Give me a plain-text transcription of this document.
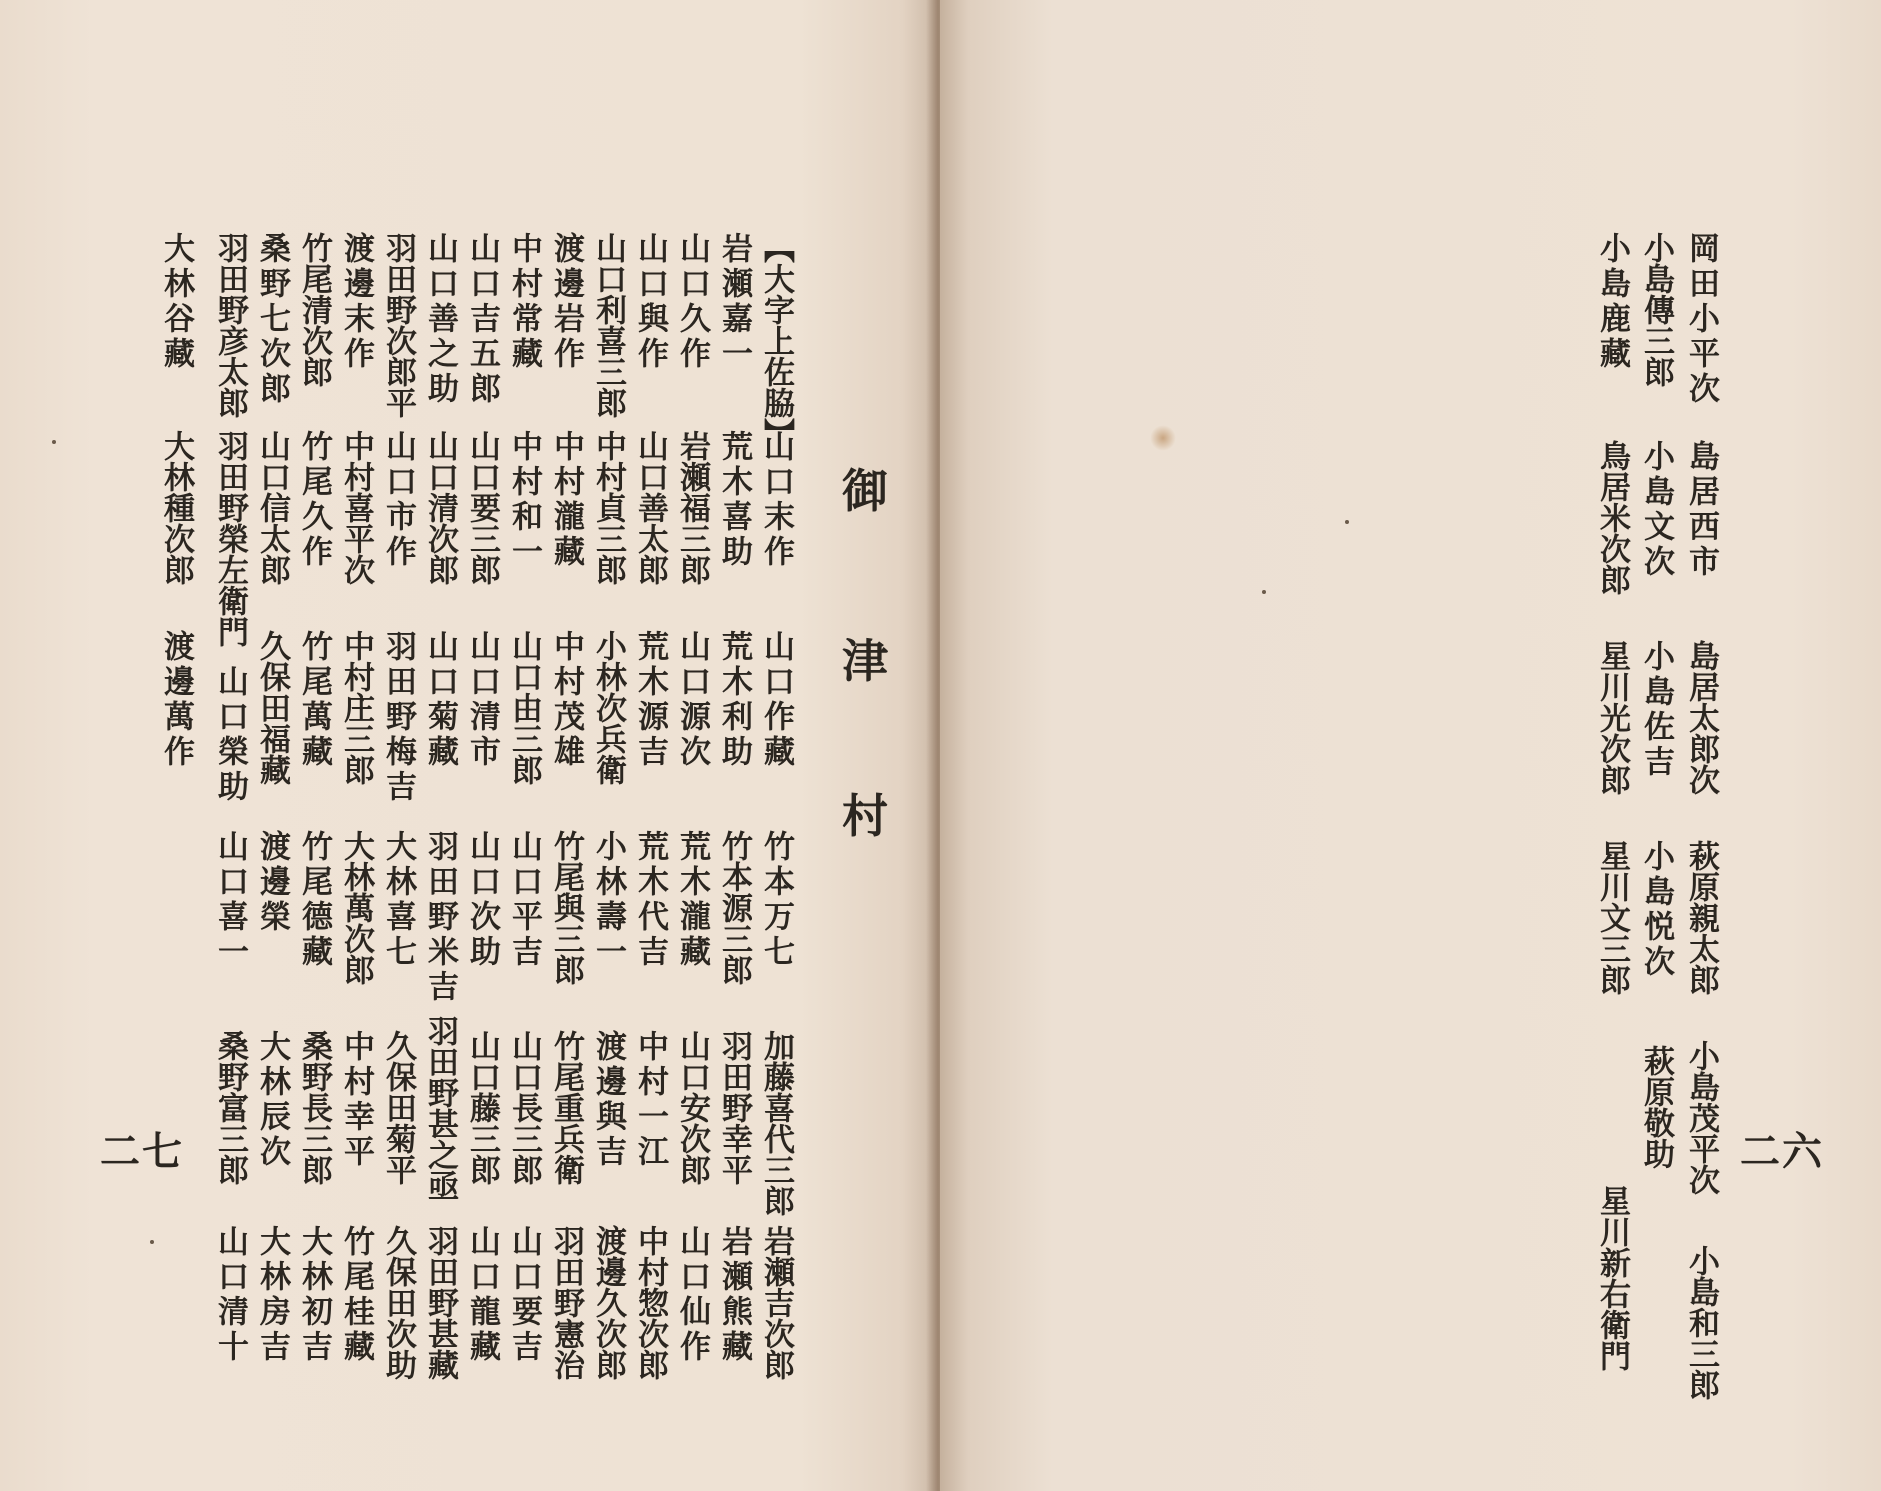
御
津
村
【大字上佐脇】
岩瀬嘉一
山口久作
山口與作
山口利喜三郎
渡邊岩作
中村常藏
山口吉五郎
山口善之助
羽田野次郎平
渡邊末作
竹尾清次郎
桑野七次郎
羽田野彦太郎
大林谷藏
山口末作
荒木喜助
岩瀬福三郎
山口善太郎
中村貞三郎
中村瀧藏
中村和一
山口要三郎
山口清次郎
山口市作
中村喜平次
竹尾久作
山口信太郎
羽田野榮左衛門
大林種次郎
山口作藏
荒木利助
山口源次
荒木源吉
小林次兵衛
中村茂雄
山口由三郎
山口清市
山口菊藏
羽田野梅吉
中村庄三郎
竹尾萬藏
久保田福藏
山口榮助
渡邊萬作
竹本万七
竹本源三郎
荒木瀧藏
荒木代吉
小林壽一
竹尾與三郎
山口平吉
山口次助
羽田野米吉
大林喜七
大林萬次郎
竹尾德藏
渡邊榮
山口喜一
加藤喜代三郎
羽田野幸平
山口安次郎
中村一江
渡邊與吉
竹尾重兵衛
山口長三郎
山口藤三郎
羽田野甚之亟
久保田菊平
中村幸平
桑野長三郎
大林辰次
桑野富三郎
岩瀬吉次郎
岩瀬熊藏
山口仙作
中村惣次郎
渡邊久次郎
羽田野憲治
山口要吉
山口龍藏
羽田野甚藏
久保田次助
竹尾桂藏
大林初吉
大林房吉
山口清十
二七

岡田小平次
島居西市
島居太郎次
萩原親太郎
小島茂平次
小島和三郎
小島傳三郎
小島文次
小島佐吉
小島悦次
萩原敬助
小島鹿藏
鳥居米次郎
星川光次郎
星川文三郎
星川新右衛門
二六
